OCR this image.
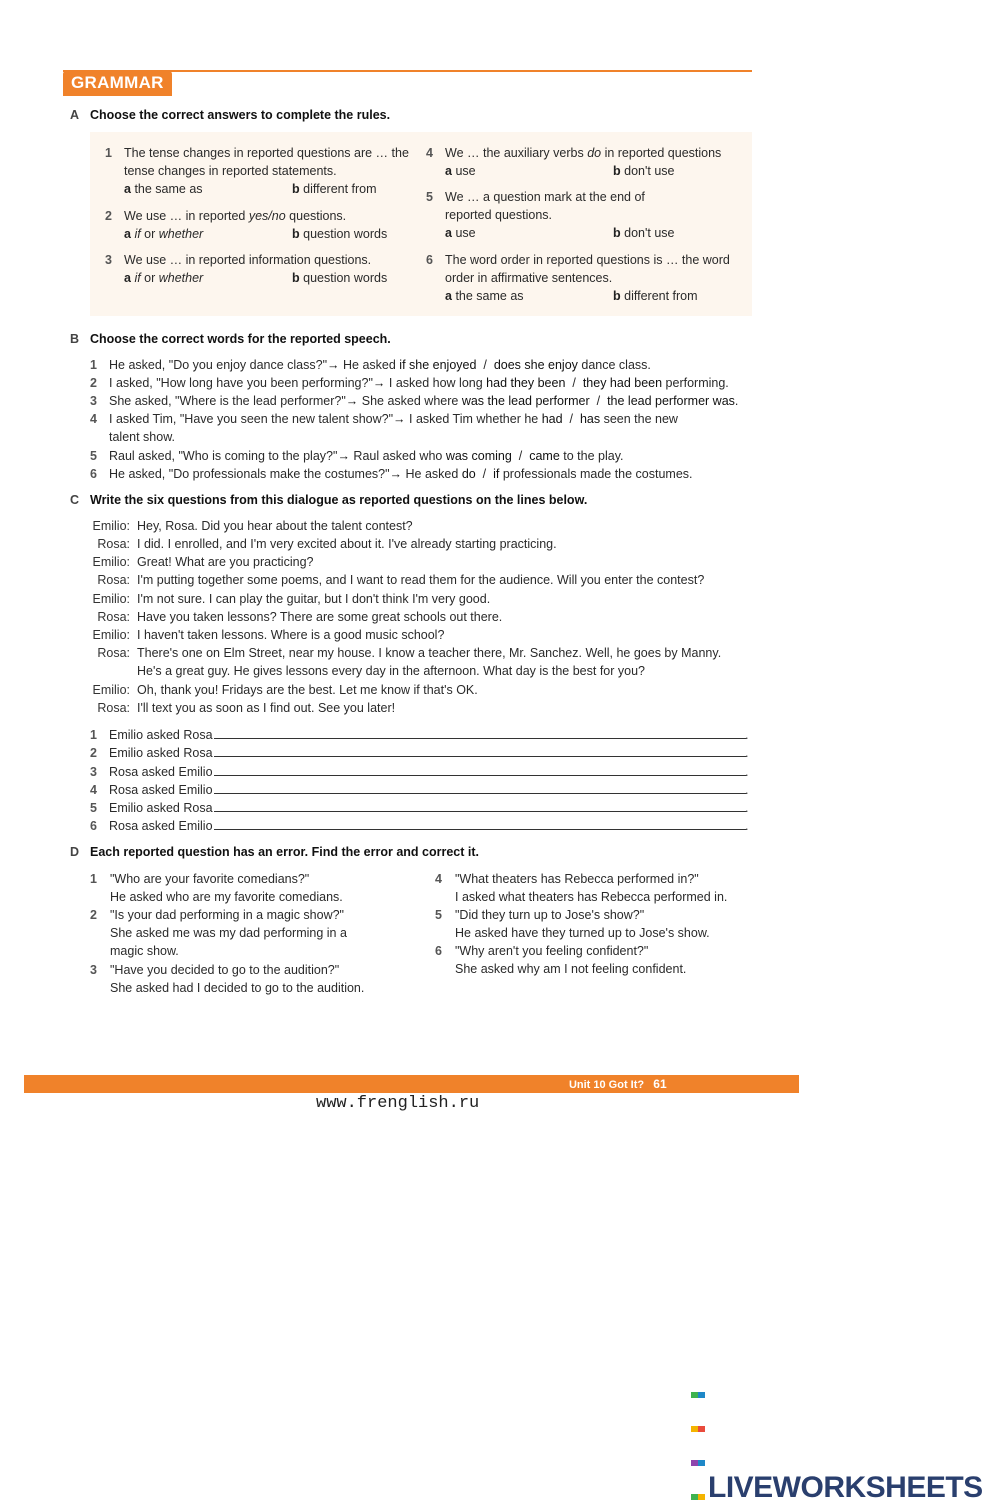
GRAMMAR
A Choose the correct answers to complete the rules.
1 The tense changes in reported questions are … the
tense changes in reported statements.
a the same as	b different from
2 We use … in reported yes/no questions.
a if or whether	b question words
3 We use … in reported information questions.
a if or whether	b question words
4 We … the auxiliary verbs do in reported questions
a use	b don't use
5 We … a question mark at the end of
reported questions.
a use	b don't use
6 The word order in reported questions is … the word
order in affirmative sentences.
a the same as	b different from
B Choose the correct words for the reported speech.
1 He asked, "Do you enjoy dance class?"→ He asked if she enjoyed / does she enjoy dance class.
2 I asked, "How long have you been performing?"→ I asked how long had they been / they had been performing.
3 She asked, "Where is the lead performer?"→ She asked where was the lead performer / the lead performer was.
4 I asked Tim, "Have you seen the new talent show?"→ I asked Tim whether he had / has seen the new
talent show.
5 Raul asked, "Who is coming to the play?"→ Raul asked who was coming / came to the play.
6 He asked, "Do professionals make the costumes?"→ He asked do / if professionals made the costumes.
C Write the six questions from this dialogue as reported questions on the lines below.
Emilio: Hey, Rosa. Did you hear about the talent contest?
Rosa: I did. I enrolled, and I'm very excited about it. I've already starting practicing.
Emilio: Great! What are you practicing?
Rosa: I'm putting together some poems, and I want to read them for the audience. Will you enter the contest?
Emilio: I'm not sure. I can play the guitar, but I don't think I'm very good.
Rosa: Have you taken lessons? There are some great schools out there.
Emilio: I haven't taken lessons. Where is a good music school?
Rosa: There's one on Elm Street, near my house. I know a teacher there, Mr. Sanchez. Well, he goes by Manny.
He's a great guy. He gives lessons every day in the afternoon. What day is the best for you?
Emilio: Oh, thank you! Fridays are the best. Let me know if that's OK.
Rosa: I'll text you as soon as I find out. See you later!
1 Emilio asked Rosa	.
2 Emilio asked Rosa	.
3 Rosa asked Emilio	.
4 Rosa asked Emilio	.
5 Emilio asked Rosa	.
6 Rosa asked Emilio	.
D Each reported question has an error. Find the error and correct it.
1 "Who are your favorite comedians?"
He asked who are my favorite comedians.
2 "Is your dad performing in a magic show?"
She asked me was my dad performing in a
magic show.
3 "Have you decided to go to the audition?"
She asked had I decided to go to the audition.
4 "What theaters has Rebecca performed in?"
I asked what theaters has Rebecca performed in.
5 "Did they turn up to Jose's show?"
He asked have they turned up to Jose's show.
6 "Why aren't you feeling confident?"
She asked why am I not feeling confident.
Unit 10 Got It? 61
www.frenglish.ru
LIVEWORKSHEETS
